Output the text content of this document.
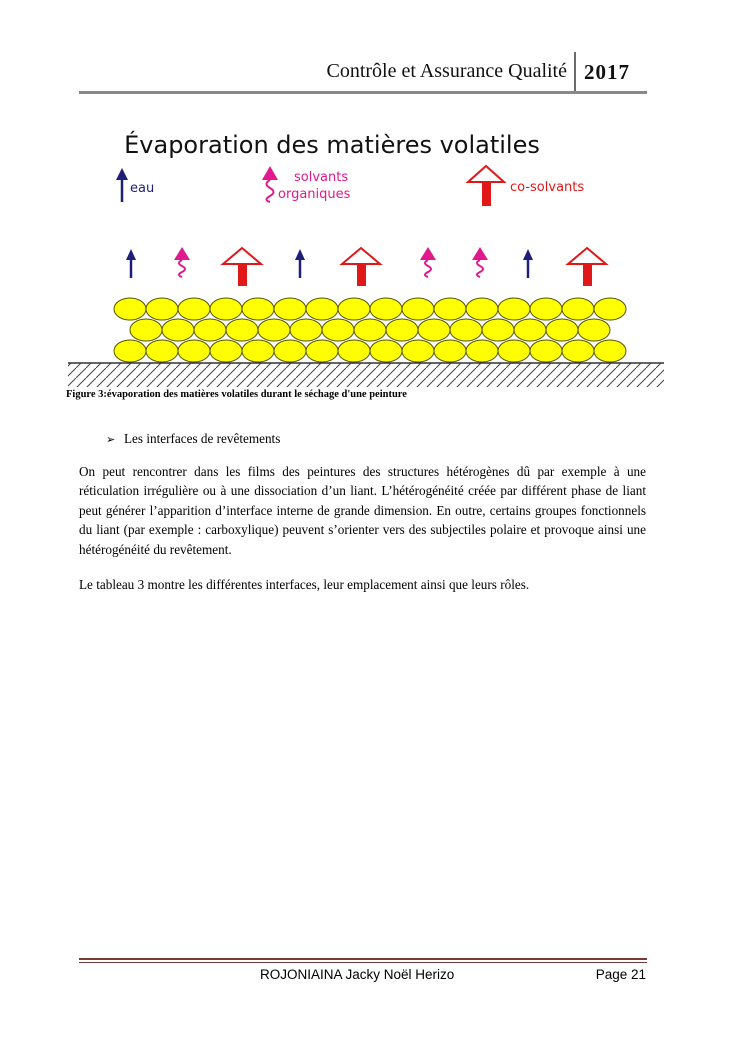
Contrôle et Assurance Qualité 2017
Évaporation des matières volatiles
eau
solvants
organiques	co-solvants
Figure 3:évaporation des matières volatiles durant le séchage d'une peinture
➢ Les interfaces de revêtements

On peut rencontrer dans les films des peintures des structures hétérogènes dû par exemple à une réticulation irrégulière ou à une dissociation d’un liant. L’hétérogénéité créée par différent phase de liant peut générer l’apparition d’interface interne de grande dimension. En outre, certains groupes fonctionnels du liant (par exemple : carboxylique) peuvent s’orienter vers des subjectiles polaire et provoque ainsi une hétérogénéité du revêtement.

Le tableau 3 montre les différentes interfaces, leur emplacement ainsi que leurs rôles.

ROJONIAINA Jacky Noël Herizo	Page 21
